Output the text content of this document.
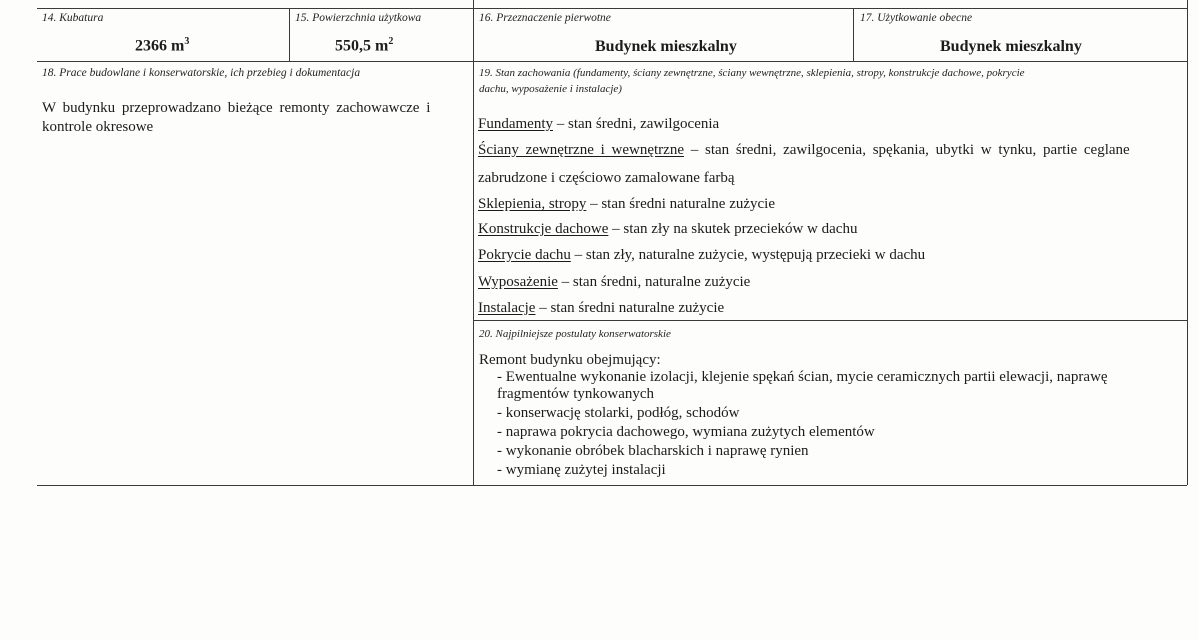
14. Kubatura
2366 $m^3$
15. Powierzchnia użytkowa
550,5 $m^2$
16. Przeznaczenie pierwotne
Budynek mieszkalny
17. Użytkowanie obecne
Budynek mieszkalny
18. Prace budowlane i konserwatorskie, ich przebieg i dokumentacja
W budynku przeprowadzano bieżące remonty zachowawcze i
kontrole okresowe
19. Stan zachowania (fundamenty, ściany zewnętrzne, ściany wewnętrzne, sklepienia, stropy, konstrukcje dachowe, pokrycie
dachu, wyposażenie i instalacje)
Fundamenty – stan średni, zawilgocenia
Ściany zewnętrzne i wewnętrzne – stan średni, zawilgocenia, spękania, ubytki w tynku, partie ceglane
zabrudzone i częściowo zamalowane farbą
Sklepienia, stropy – stan średni naturalne zużycie
Konstrukcje dachowe – stan zły na skutek przecieków w dachu
Pokrycie dachu – stan zły, naturalne zużycie, występują przecieki w dachu
Wyposażenie – stan średni, naturalne zużycie
Instalacje – stan średni naturalne zużycie
20. Najpilniejsze postulaty konserwatorskie
Remont budynku obejmujący:
- Ewentualne wykonanie izolacji, klejenie spękań ścian, mycie ceramicznych partii elewacji, naprawę
fragmentów tynkowanych
- konserwację stolarki, podłóg, schodów
- naprawa pokrycia dachowego, wymiana zużytych elementów
- wykonanie obróbek blacharskich i naprawę rynien
- wymianę zużytej instalacji
